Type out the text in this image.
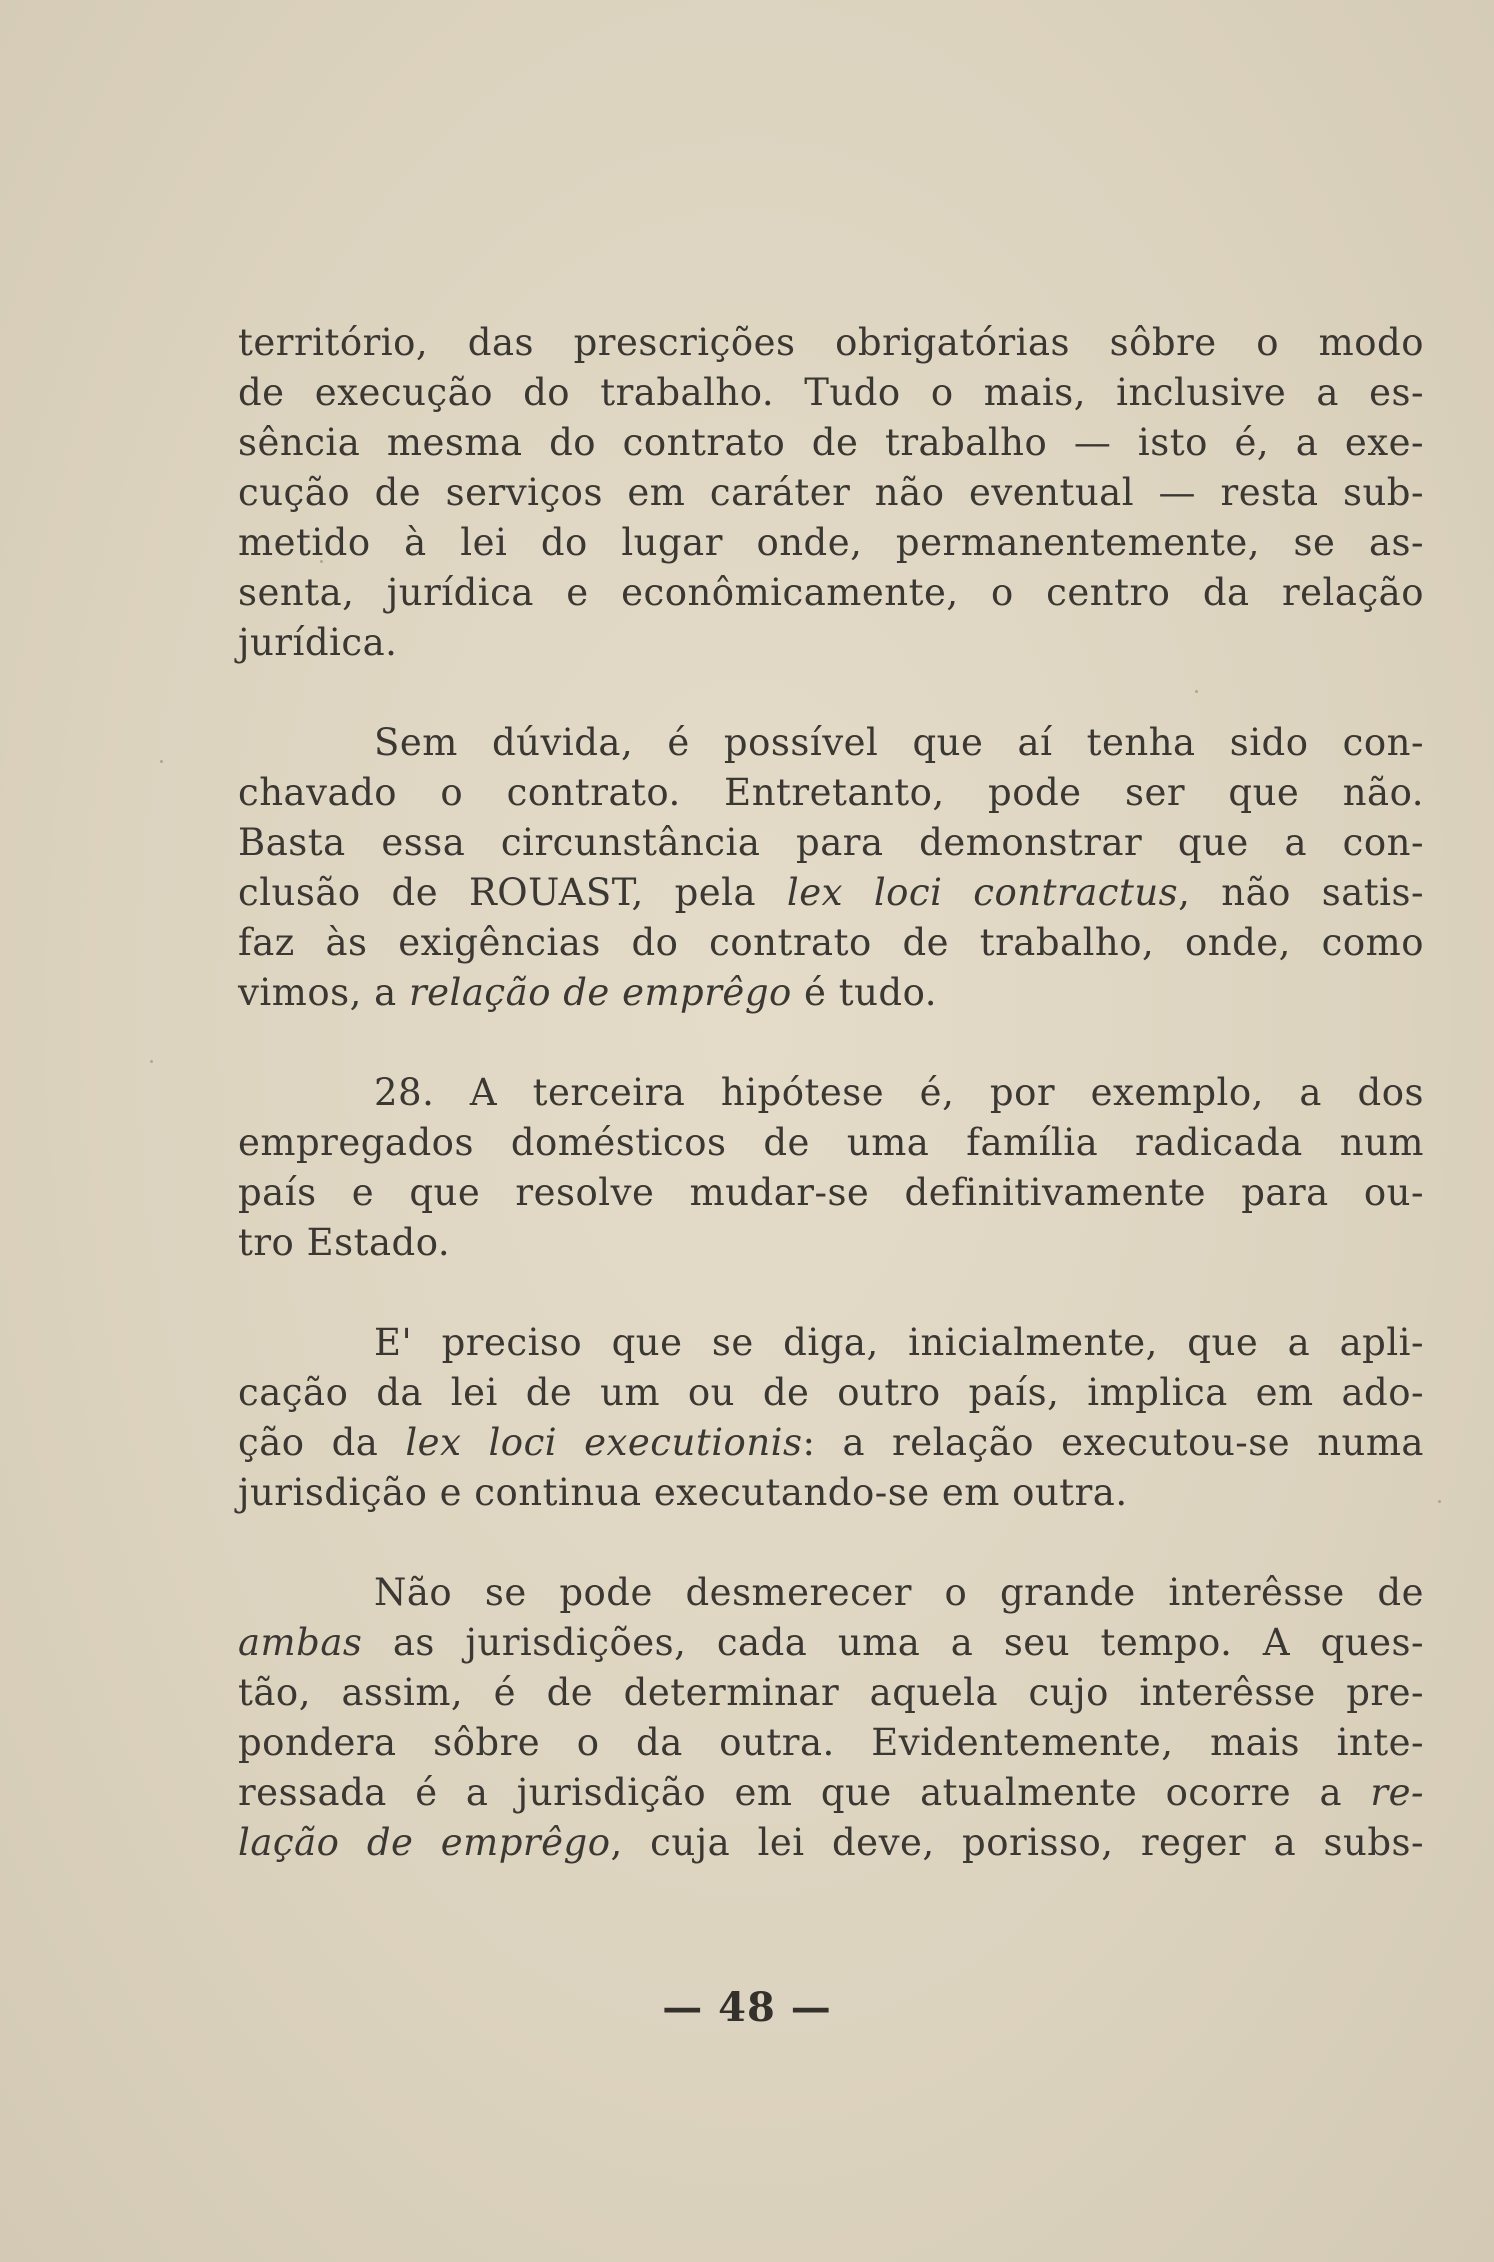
território, das prescrições obrigatórias sôbre o modo
de execução do trabalho. Tudo o mais, inclusive a es-
sência mesma do contrato de trabalho — isto é, a exe-
cução de serviços em caráter não eventual — resta sub-
metido à lei do lugar onde, permanentemente, se as-
senta, jurídica e econômicamente, o centro da relação
jurídica.
Sem dúvida, é possível que aí tenha sido con-
chavado o contrato. Entretanto, pode ser que não.
Basta essa circunstância para demonstrar que a con-
clusão de ROUAST, pela lex loci contractus, não satis-
faz às exigências do contrato de trabalho, onde, como
vimos, a relação de emprêgo é tudo.
28. A terceira hipótese é, por exemplo, a dos
empregados domésticos de uma família radicada num
país e que resolve mudar-se definitivamente para ou-
tro Estado.
E' preciso que se diga, inicialmente, que a apli-
cação da lei de um ou de outro país, implica em ado-
ção da lex loci executionis: a relação executou-se numa
jurisdição e continua executando-se em outra.
Não se pode desmerecer o grande interêsse de
ambas as jurisdições, cada uma a seu tempo. A ques-
tão, assim, é de determinar aquela cujo interêsse pre-
pondera sôbre o da outra. Evidentemente, mais inte-
ressada é a jurisdição em que atualmente ocorre a re-
lação de emprêgo, cuja lei deve, porisso, reger a subs-
— 48 —
